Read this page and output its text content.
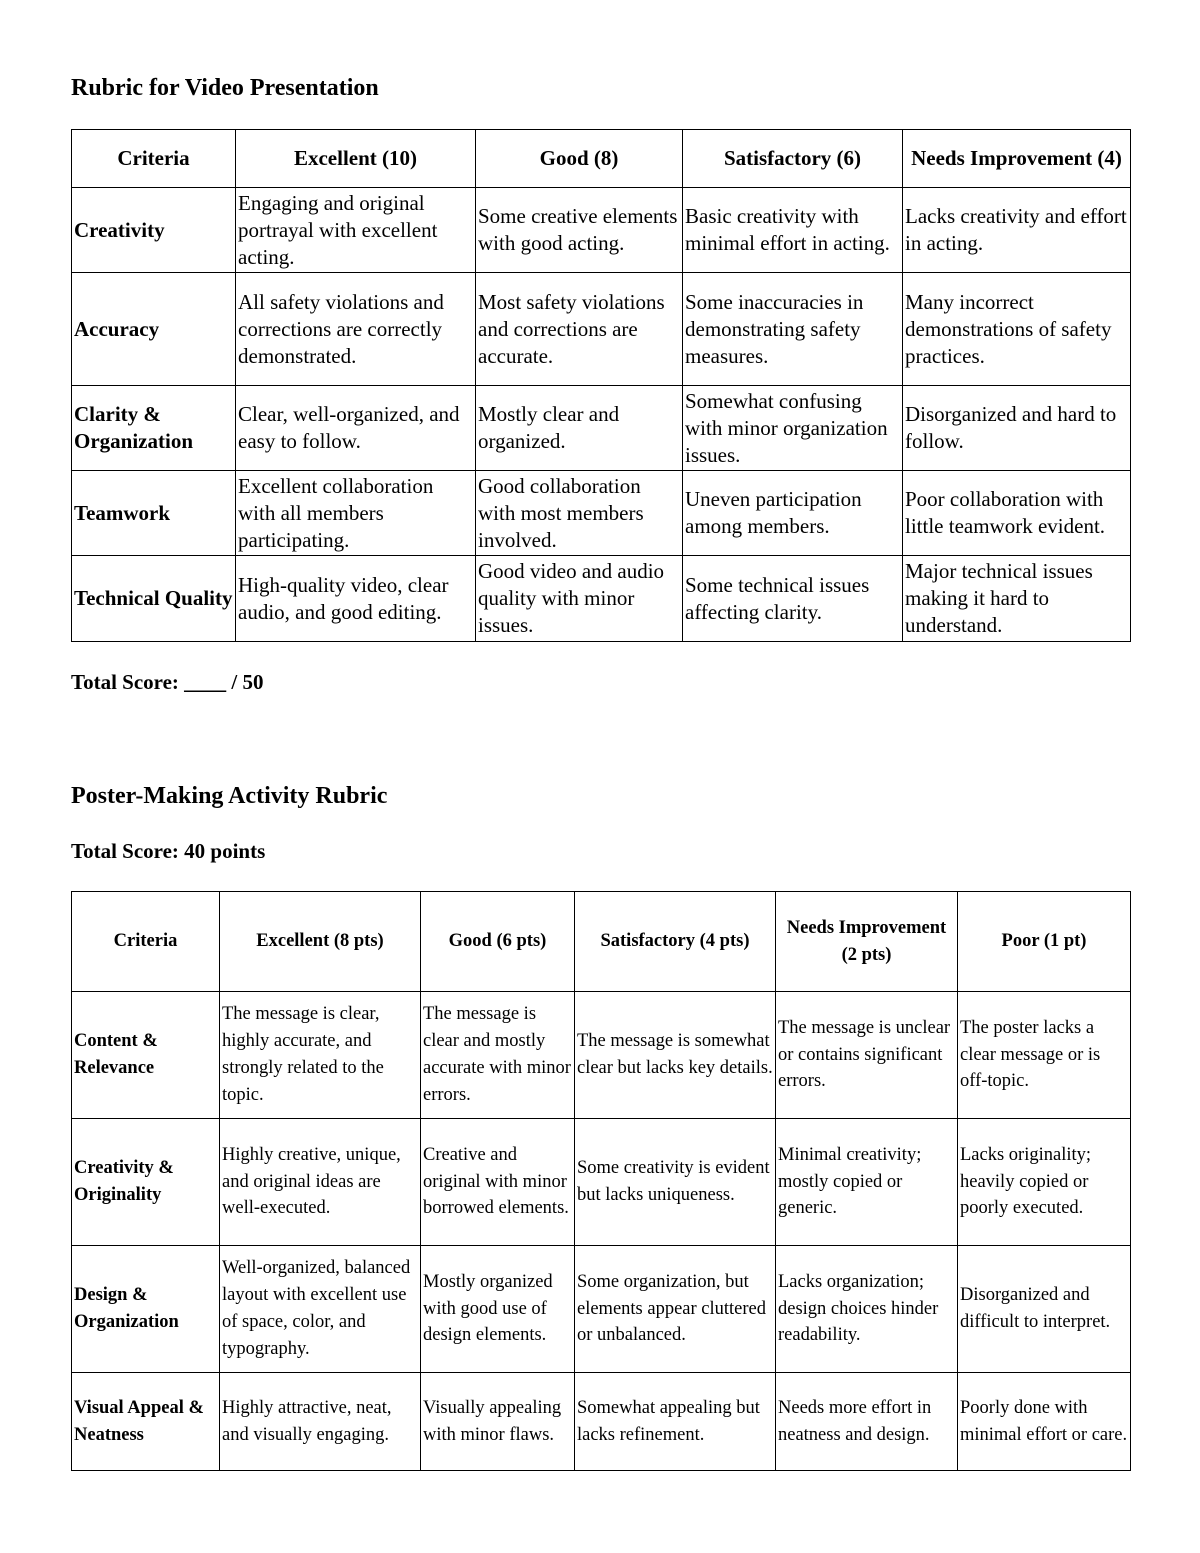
Rubric for Video Presentation
Criteria	Excellent (10)	Good (8)	Satisfactory (6)	Needs Improvement (4)
Creativity	Engaging and original portrayal with excellent acting.	Some creative elements with good acting.	Basic creativity with minimal effort in acting.	Lacks creativity and effort in acting.
Accuracy	All safety violations and corrections are correctly demonstrated.	Most safety violations and corrections are accurate.	Some inaccuracies in demonstrating safety measures.	Many incorrect demonstrations of safety practices.
Clarity & Organization	Clear, well-organized, and easy to follow.	Mostly clear and organized.	Somewhat confusing with minor organization issues.	Disorganized and hard to follow.
Teamwork	Excellent collaboration with all members participating.	Good collaboration with most members involved.	Uneven participation among members.	Poor collaboration with little teamwork evident.
Technical Quality	High-quality video, clear audio, and good editing.	Good video and audio quality with minor issues.	Some technical issues affecting clarity.	Major technical issues making it hard to understand.
Total Score: ____ / 50
Poster-Making Activity Rubric
Total Score: 40 points
Criteria	Excellent (8 pts)	Good (6 pts)	Satisfactory (4 pts)	Needs Improvement (2 pts)	Poor (1 pt)
Content & Relevance	The message is clear, highly accurate, and strongly related to the topic.	The message is clear and mostly accurate with minor errors.	The message is somewhat clear but lacks key details.	The message is unclear or contains significant errors.	The poster lacks a clear message or is off-topic.
Creativity & Originality	Highly creative, unique, and original ideas are well-executed.	Creative and original with minor borrowed elements.	Some creativity is evident but lacks uniqueness.	Minimal creativity; mostly copied or generic.	Lacks originality; heavily copied or poorly executed.
Design & Organization	Well-organized, balanced layout with excellent use of space, color, and typography.	Mostly organized with good use of design elements.	Some organization, but elements appear cluttered or unbalanced.	Lacks organization; design choices hinder readability.	Disorganized and difficult to interpret.
Visual Appeal & Neatness	Highly attractive, neat, and visually engaging.	Visually appealing with minor flaws.	Somewhat appealing but lacks refinement.	Needs more effort in neatness and design.	Poorly done with minimal effort or care.
